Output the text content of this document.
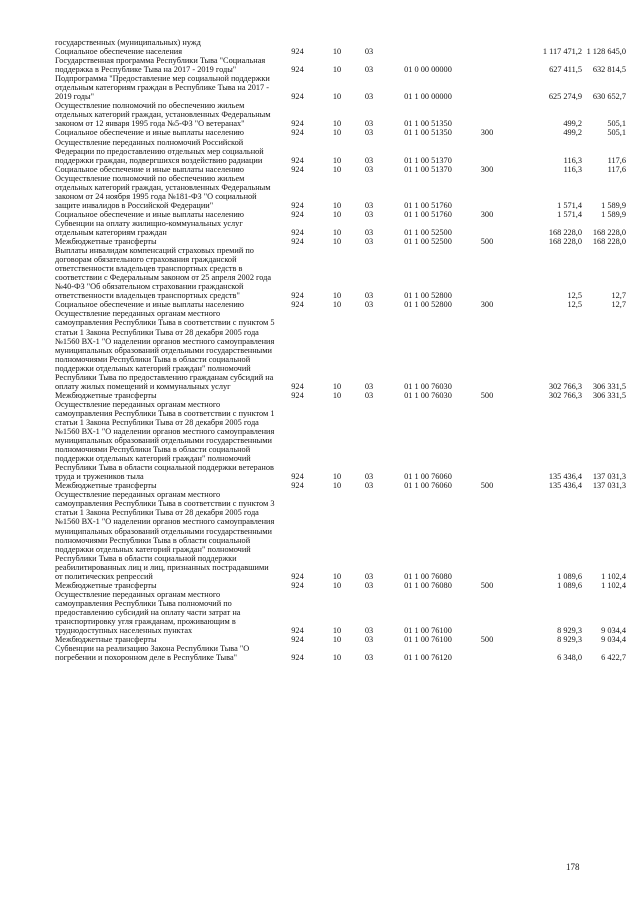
государственных (муниципальных) нужд							
Социальное обеспечение населения	924	10	03			1 117 471,2	1 128 645,0
Государственная программа Республики Тыва "Социальная поддержка в Республике Тыва на 2017 - 2019 годы"	924	10	03	01 0 00 00000		627 411,5	632 814,5
Подпрограмма "Предоставление мер социальной поддержки отдельным категориям граждан в Республике Тыва на 2017 - 2019 годы"	924	10	03	01 1 00 00000		625 274,9	630 652,7
Осуществление полномочий по обеспечению жильем отдельных категорий граждан, установленных Федеральным законом от 12 января 1995 года №5-ФЗ "О ветеранах"	924	10	03	01 1 00 51350		499,2	505,1
Социальное обеспечение и иные выплаты населению	924	10	03	01 1 00 51350	300	499,2	505,1
Осуществление переданных полномочий Российской Федерации по предоставлению отдельных мер социальной поддержки граждан, подвергшихся воздействию радиации	924	10	03	01 1 00 51370		116,3	117,6
Социальное обеспечение и иные выплаты населению	924	10	03	01 1 00 51370	300	116,3	117,6
Осуществление полномочий по обеспечению жильем отдельных категорий граждан, установленных Федеральным законом от 24 ноября 1995 года №181-ФЗ "О социальной защите инвалидов в Российской Федерации"	924	10	03	01 1 00 51760		1 571,4	1 589,9
Социальное обеспечение и иные выплаты населению	924	10	03	01 1 00 51760	300	1 571,4	1 589,9
Субвенции на оплату жилищно-коммунальных услуг отдельным категориям граждан	924	10	03	01 1 00 52500		168 228,0	168 228,0
Межбюджетные трансферты	924	10	03	01 1 00 52500	500	168 228,0	168 228,0
Выплаты инвалидам компенсаций страховых премий по договорам обязательного страхования гражданской ответственности владельцев транспортных средств в соответствии с Федеральным законом от 25 апреля 2002 года №40-ФЗ "Об обязательном страховании гражданской ответственности владельцев транспортных средств"	924	10	03	01 1 00 52800		12,5	12,7
Социальное обеспечение и иные выплаты населению	924	10	03	01 1 00 52800	300	12,5	12,7
Осуществление переданных органам местного самоуправления Республики Тыва в соответствии с пунктом 5 статьи 1 Закона Республики Тыва от 28 декабря 2005 года №1560 ВХ-1 "О наделении органов местного самоуправления муниципальных образований отдельными государственными полномочиями Республики Тыва в области социальной поддержки отдельных категорий граждан" полномочий Республики Тыва по предоставлению гражданам субсидий на оплату жилых помещений и коммунальных услуг	924	10	03	01 1 00 76030		302 766,3	306 331,5
Межбюджетные трансферты	924	10	03	01 1 00 76030	500	302 766,3	306 331,5
Осуществление переданных органам местного самоуправления Республики Тыва в соответствии с пунктом 1 статьи 1 Закона Республики Тыва от 28 декабря 2005 года №1560 ВХ-1 "О наделении органов местного самоуправления муниципальных образований отдельными государственными полномочиями Республики Тыва в области социальной поддержки отдельных категорий граждан" полномочий Республики Тыва в области социальной поддержки ветеранов труда и тружеников тыла	924	10	03	01 1 00 76060		135 436,4	137 031,3
Межбюджетные трансферты	924	10	03	01 1 00 76060	500	135 436,4	137 031,3
Осуществление переданных органам местного самоуправления Республики Тыва в соответствии с пунктом 3 статьи 1 Закона Республики Тыва от 28 декабря 2005 года №1560 ВХ-1 "О наделении органов местного самоуправления муниципальных образований отдельными государственными полномочиями Республики Тыва в области социальной поддержки отдельных категорий граждан" полномочий Республики Тыва в области социальной поддержки реабилитированных лиц и лиц, признанных пострадавшими от политических репрессий	924	10	03	01 1 00 76080		1 089,6	1 102,4
Межбюджетные трансферты	924	10	03	01 1 00 76080	500	1 089,6	1 102,4
Осуществление переданных органам местного самоуправления Республики Тыва полномочий по предоставлению субсидий на оплату части затрат на транспортировку угля гражданам, проживающим в труднодоступных населенных пунктах	924	10	03	01 1 00 76100		8 929,3	9 034,4
Межбюджетные трансферты	924	10	03	01 1 00 76100	500	8 929,3	9 034,4
Субвенции на реализацию Закона Республики Тыва "О погребении и похоронном деле в Республике Тыва"	924	10	03	01 1 00 76120		6 348,0	6 422,7
178
